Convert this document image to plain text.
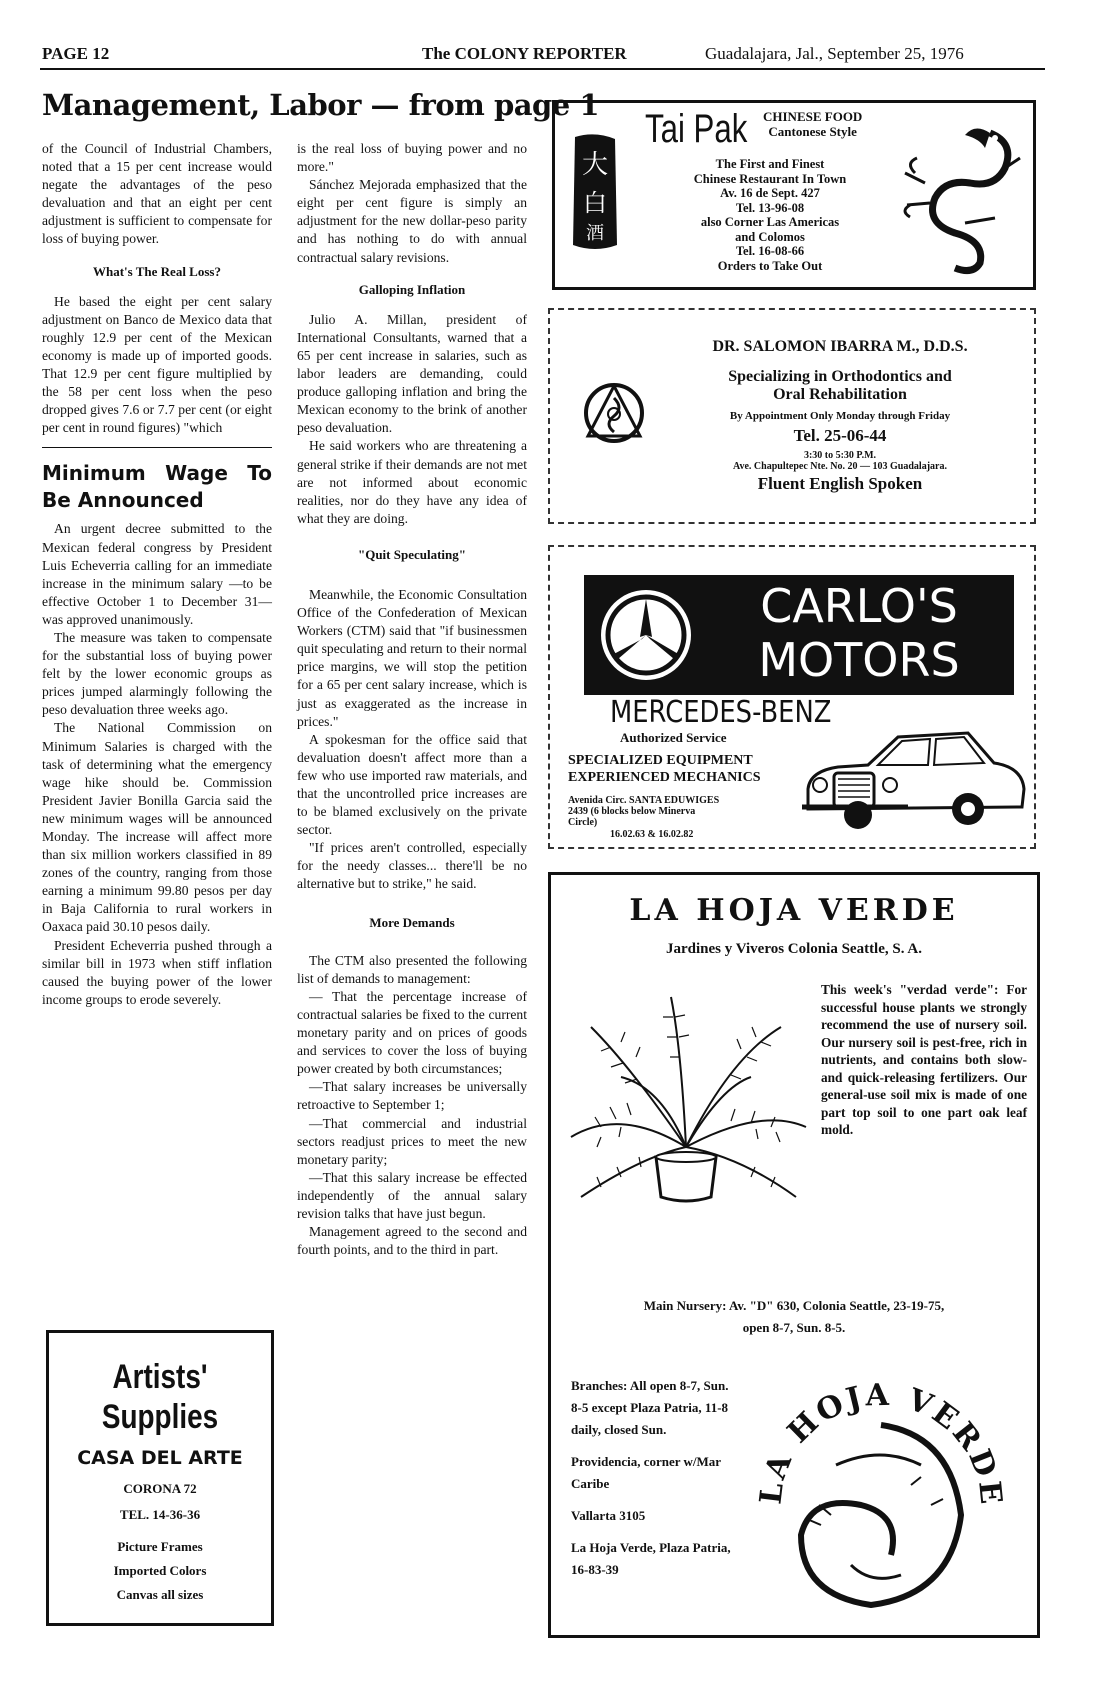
PAGE 12	The COLONY REPORTER	Guadalajara, Jal., September 25, 1976
Management, Labor — from page 1

of the Council of Industrial Chambers, noted that a 15 per cent increase would negate the advantages of the peso devaluation and that an eight per cent adjustment is sufficient to compensate for loss of buying power.

What's The Real Loss?

He based the eight per cent salary adjustment on Banco de Mexico data that roughly 12.9 per cent of the Mexican economy is made up of imported goods. That 12.9 per cent figure multiplied by the 58 per cent loss when the peso dropped gives 7.6 or 7.7 per cent (or eight per cent in round figures) "which

Minimum Wage To Be Announced

An urgent decree submitted to the Mexican federal congress by President Luis Echeverria calling for an immediate increase in the minimum salary —to be effective October 1 to December 31— was approved unanimously.

The measure was taken to compensate for the substantial loss of buying power felt by the lower economic groups as prices jumped alarmingly following the peso devaluation three weeks ago.

The National Commission on Minimum Salaries is charged with the task of determining what the emergency wage hike should be. Commission President Javier Bonilla Garcia said the new minimum wages will be announced Monday. The increase will affect more than six million workers classified in 89 zones of the country, ranging from those earning a minimum 99.80 pesos per day in Baja California to rural workers in Oaxaca paid 30.10 pesos daily.

President Echeverria pushed through a similar bill in 1973 when stiff inflation caused the buying power of the lower income groups to erode severely.

Artists'
Supplies
CASA DEL ARTE
CORONA 72
TEL. 14-36-36
Picture Frames
Imported Colors
Canvas all sizes

is the real loss of buying power and no more."

Sánchez Mejorada emphasized that the eight per cent figure is simply an adjustment for the new dollar-peso parity and has nothing to do with annual contractual salary revisions.

Galloping Inflation

Julio A. Millan, president of International Consultants, warned that a 65 per cent increase in salaries, such as labor leaders are demanding, could produce galloping inflation and bring the Mexican economy to the brink of another peso devaluation.

He said workers who are threatening a general strike if their demands are not met are not informed about economic realities, nor do they have any idea of what they are doing.

"Quit Speculating"

Meanwhile, the Economic Consultation Office of the Confederation of Mexican Workers (CTM) said that "if businessmen quit speculating and return to their normal price margins, we will stop the petition for a 65 per cent salary increase, which is just as exaggerated as the increase in prices."

A spokesman for the office said that devaluation doesn't affect more than a few who use imported raw materials, and that the uncontrolled price increases are to be blamed exclusively on the private sector.

"If prices aren't controlled, especially for the needy classes... there'll be no alternative but to strike," he said.

More Demands

The CTM also presented the following list of demands to management:

— That the percentage increase of contractual salaries be fixed to the current monetary parity and on prices of goods and services to cover the loss of buying power created by both circumstances;

—That salary increases be universally retroactive to September 1;

—That commercial and industrial sectors readjust prices to meet the new monetary parity;

—That this salary increase be effected independently of the annual salary revision talks that have just begun.

Management agreed to the second and fourth points, and to the third in part.

大
白
酒
Tai Pak CHINESE FOOD
Cantonese Style
The First and Finest
Chinese Restaurant In Town
Av. 16 de Sept. 427
Tel. 13-96-08
also Corner Las Americas
and Colomos
Tel. 16-08-66
Orders to Take Out
DR. SALOMON IBARRA M., D.D.S.
Specializing in Orthodontics and
Oral Rehabilitation
By Appointment Only Monday through Friday
Tel. 25-06-44
3:30 to 5:30 P.M.
Ave. Chapultepec Nte. No. 20 — 103 Guadalajara.
Fluent English Spoken
CARLO'S
MOTORS
MERCEDES-BENZ
Authorized Service
SPECIALIZED EQUIPMENT
EXPERIENCED MECHANICS
Avenida Circ. SANTA EDUWIGES
2439 (6 blocks below Minerva
Circle)
16.02.63 & 16.02.82
LA HOJA VERDE
Jardines y Viveros Colonia Seattle, S. A.
This week's "verdad verde": For successful house plants we strongly recommend the use of nursery soil. Our nursery soil is pest-free, rich in nutrients, and contains both slow- and quick-releasing fertilizers. Our general-use soil mix is made of one part top soil to one part oak leaf mold.
Main Nursery: Av. "D" 630, Colonia Seattle, 23-19-75,
open 8-7, Sun. 8-5.
Branches: All open 8-7, Sun. 8-5 except Plaza Patria, 11-8 daily, closed Sun.
Providencia, corner w/Mar Caribe
Vallarta 3105
La Hoja Verde, Plaza Patria, 16-83-39
LA HOJA VERDE
